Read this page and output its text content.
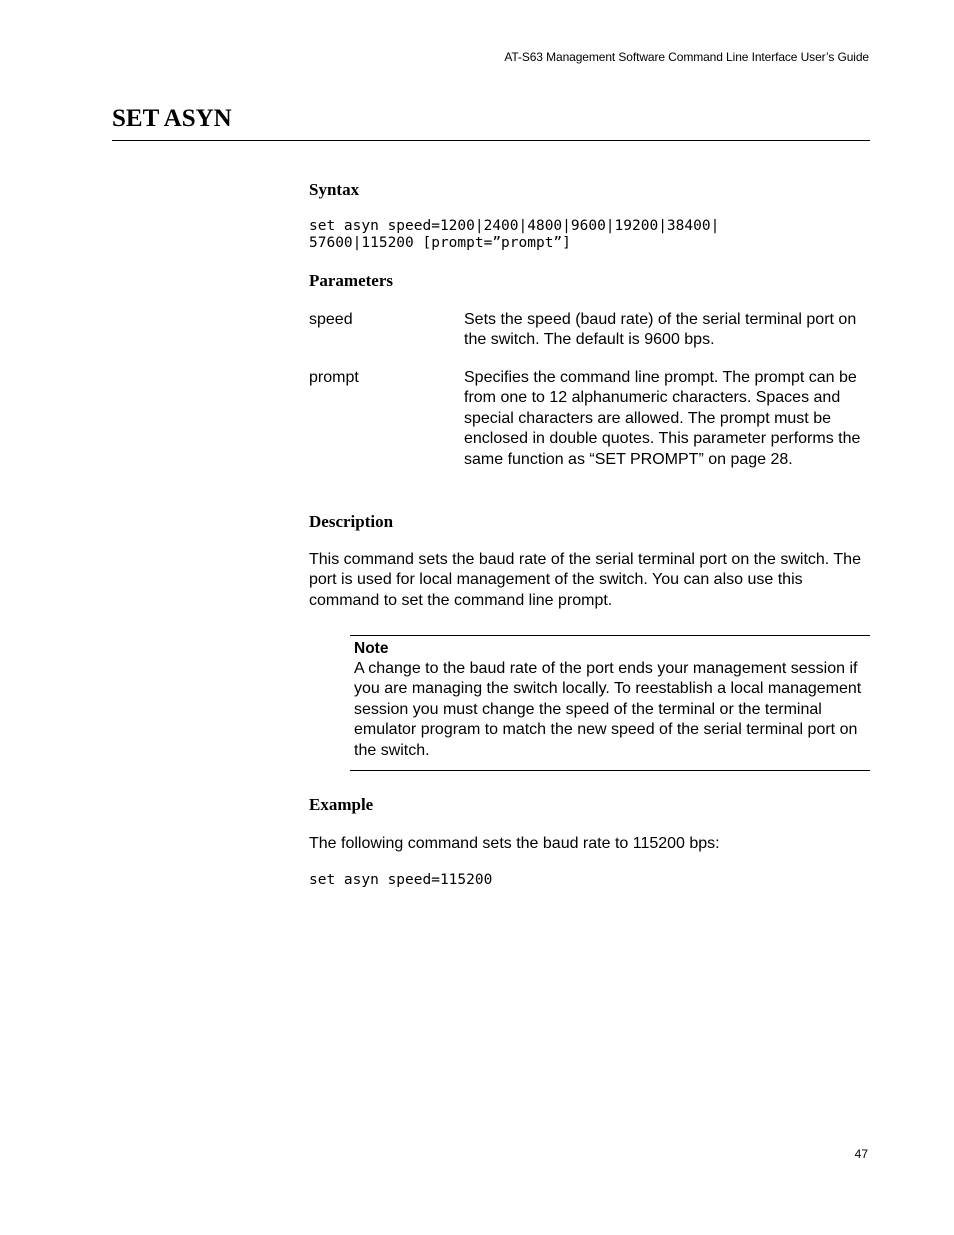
AT-S63 Management Software Command Line Interface User’s Guide
SET ASYN
Syntax
set asyn speed=1200|2400|4800|9600|19200|38400|
57600|115200 [prompt=”prompt”]
Parameters
speed	Sets the speed (baud rate) of the serial terminal port on the switch. The default is 9600 bps.
prompt	Specifies the command line prompt. The prompt can be from one to 12 alphanumeric characters. Spaces and special characters are allowed. The prompt must be enclosed in double quotes. This parameter performs the same function as “SET PROMPT” on page 28.
Description

This command sets the baud rate of the serial terminal port on the switch. The port is used for local management of the switch. You can also use this command to set the command line prompt.

Note
A change to the baud rate of the port ends your management session if you are managing the switch locally. To reestablish a local management session you must change the speed of the terminal or the terminal emulator program to match the new speed of the serial terminal port on the switch.
Example

The following command sets the baud rate to 115200 bps:

set asyn speed=115200
47
